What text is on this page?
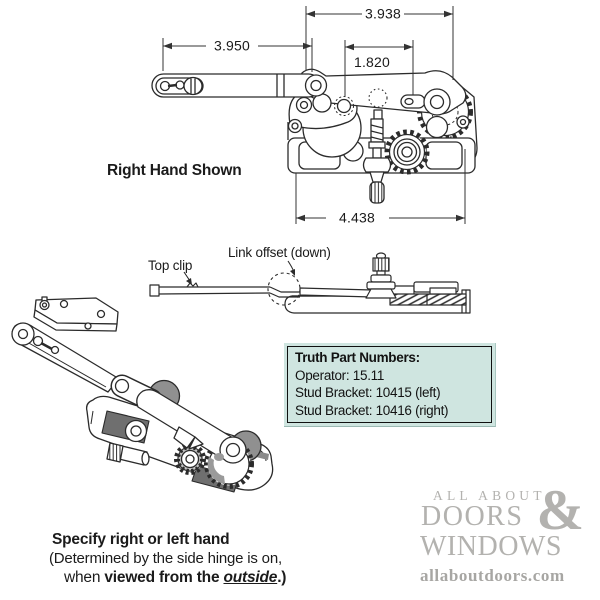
3.938
3.950
1.820
4.438
Top clip
Link offset (down)
Right Hand Shown
Truth Part Numbers:
Operator: 15.11
Stud Bracket: 10415 (left)
Stud Bracket: 10416 (right)
Specify right or left hand
(Determined by the side hinge is on,
when viewed from the outside.)
ALL ABOUT
DOORS &
WINDOWS
allaboutdoors.com
